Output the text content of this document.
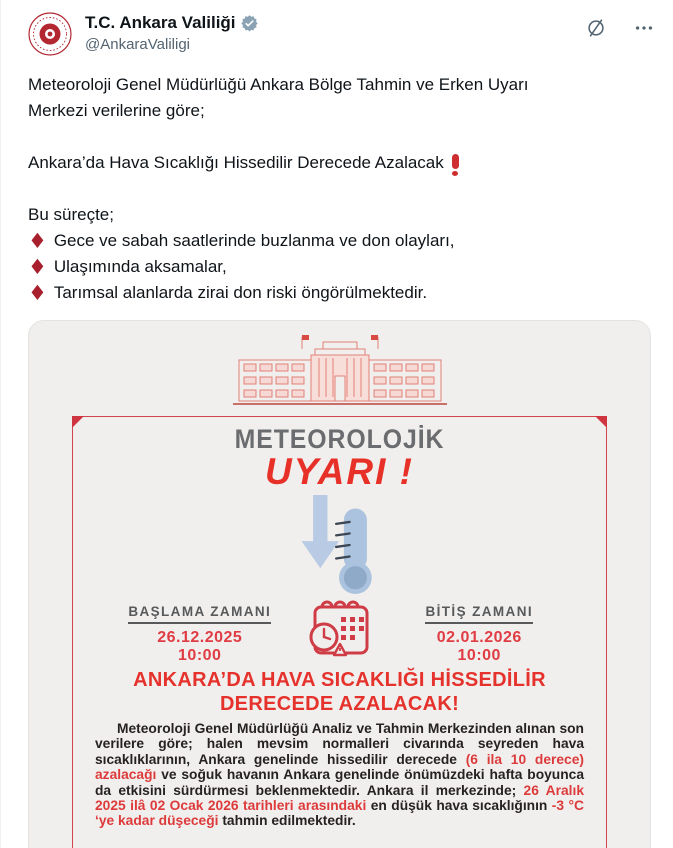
T.C. Ankara Valiliği
@AnkaraValiligi
Meteoroloji Genel Müdürlüğü Ankara Bölge Tahmin ve Erken Uyarı Merkezi verilerine göre;
Ankara’da Hava Sıcaklığı Hissedilir Derecede Azalacak
Bu süreçte;
♦ Gece ve sabah saatlerinde buzlanma ve don olayları,
♦ Ulaşımında aksamalar,
♦ Tarımsal alanlarda zirai don riski öngörülmektedir.
METEOROLOJİK
UYARI !
BAŞLAMA ZAMANI
26.12.2025
10:00
BİTİŞ ZAMANI
02.01.2026
10:00
ANKARA’DA HAVA SICAKLIĞI HİSSEDİLİR
DERECEDE AZALACAK!

Meteoroloji Genel Müdürlüğü Analiz ve Tahmin Merkezinden alınan son verilere göre; halen mevsim normalleri civarında seyreden hava sıcaklıklarının, Ankara genelinde hissedilir derecede (6 ila 10 derece) azalacağı ve soğuk havanın Ankara genelinde önümüzdeki hafta boyunca da etkisini sürdürmesi beklenmektedir. Ankara il merkezinde; 26 Aralık 2025 ilâ 02 Ocak 2026 tarihleri arasındaki en düşük hava sıcaklığının -3 °C ‘ye kadar düşeceği tahmin edilmektedir.
